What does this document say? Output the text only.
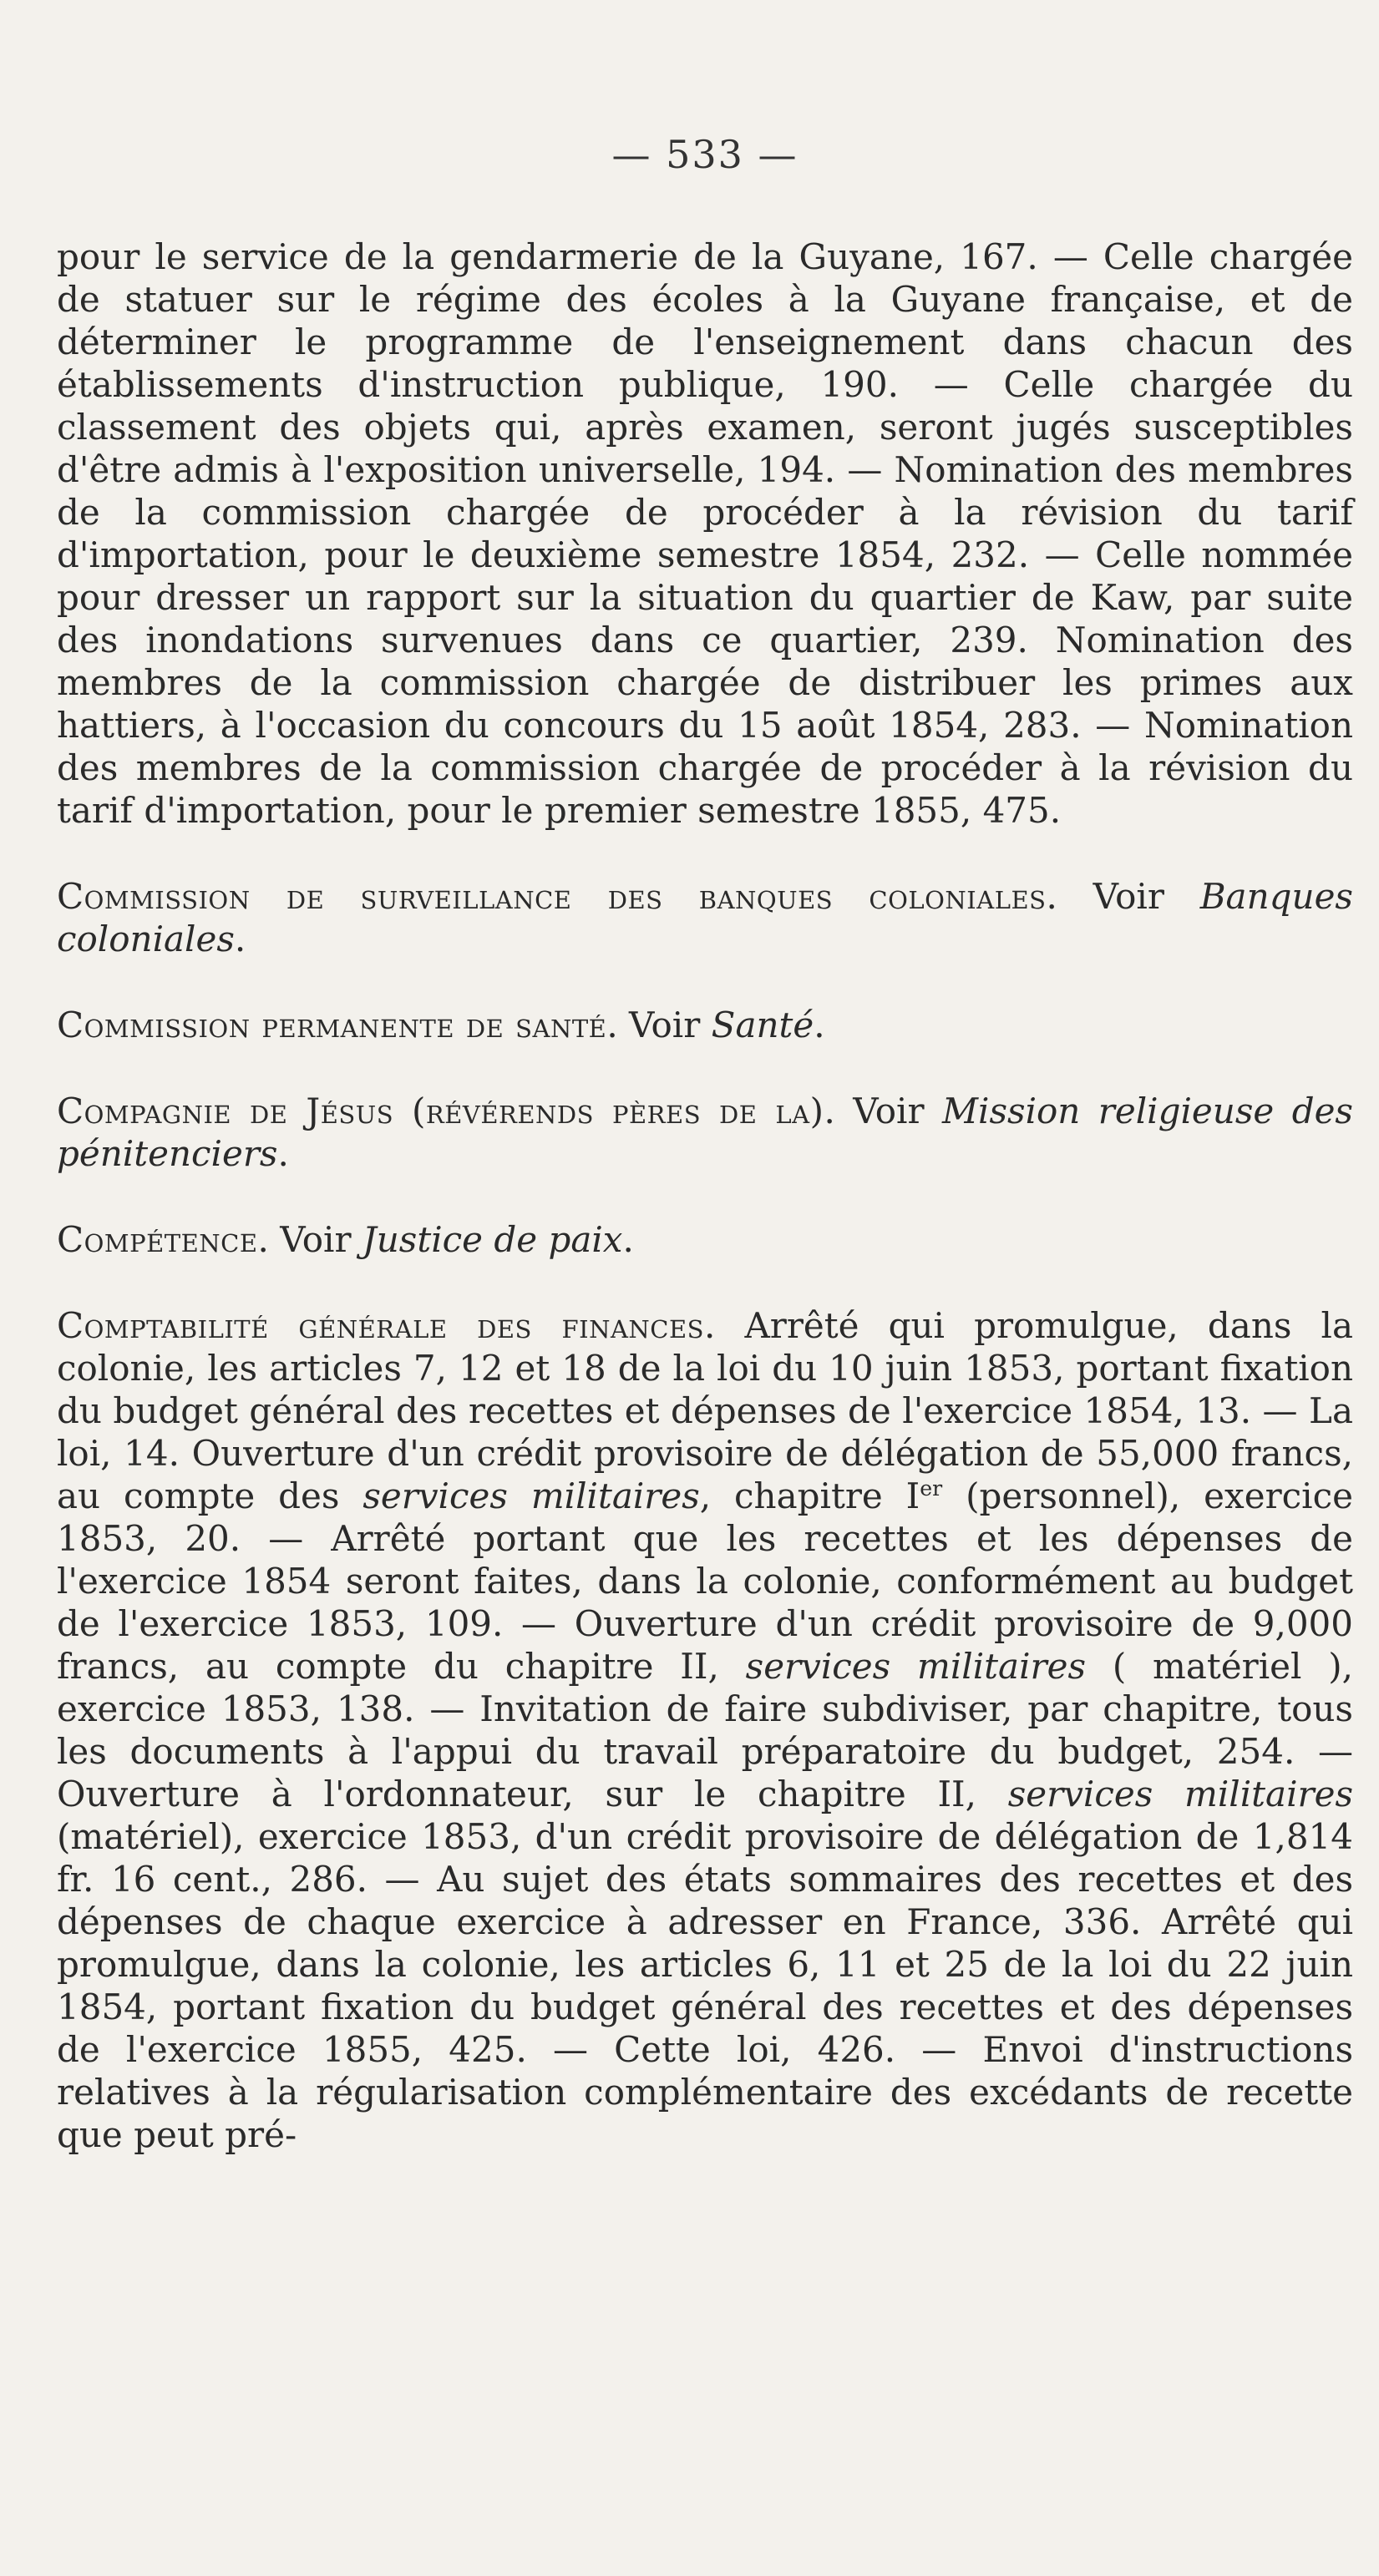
— 533 —

pour le service de la gendarmerie de la Guyane, 167. — Celle chargée de statuer sur le régime des écoles à la Guyane française, et de déterminer le programme de l'enseignement dans chacun des établissements d'instruction publique, 190. — Celle chargée du classement des objets qui, après examen, seront jugés susceptibles d'être admis à l'exposition universelle, 194. — Nomination des membres de la commission chargée de procéder à la révision du tarif d'importation, pour le deuxième semestre 1854, 232. — Celle nommée pour dresser un rapport sur la situation du quartier de Kaw, par suite des inondations survenues dans ce quartier, 239. Nomination des membres de la commission chargée de distribuer les primes aux hattiers, à l'occasion du concours du 15 août 1854, 283. — Nomination des membres de la commission chargée de procéder à la révision du tarif d'importation, pour le premier semestre 1855, 475.

Commission de surveillance des banques coloniales. Voir Banques coloniales.

Commission permanente de santé. Voir Santé.

Compagnie de Jésus (révérends pères de la). Voir Mission religieuse des pénitenciers.

Compétence. Voir Justice de paix.

Comptabilité générale des finances. Arrêté qui promulgue, dans la colonie, les articles 7, 12 et 18 de la loi du 10 juin 1853, portant fixation du budget général des recettes et dépenses de l'exercice 1854, 13. — La loi, 14. Ouverture d'un crédit provisoire de délégation de 55,000 francs, au compte des services militaires, chapitre Ier (personnel), exercice 1853, 20. — Arrêté portant que les recettes et les dépenses de l'exercice 1854 seront faites, dans la colonie, conformément au budget de l'exercice 1853, 109. — Ouverture d'un crédit provisoire de 9,000 francs, au compte du chapitre II, services militaires ( matériel ), exercice 1853, 138. — Invitation de faire subdiviser, par chapitre, tous les documents à l'appui du travail préparatoire du budget, 254. — Ouverture à l'ordonnateur, sur le chapitre II, services militaires (matériel), exercice 1853, d'un crédit provisoire de délégation de 1,814 fr. 16 cent., 286. — Au sujet des états sommaires des recettes et des dépenses de chaque exercice à adresser en France, 336. Arrêté qui promulgue, dans la colonie, les articles 6, 11 et 25 de la loi du 22 juin 1854, portant fixation du budget général des recettes et des dépenses de l'exercice 1855, 425. — Cette loi, 426. — Envoi d'instructions relatives à la régularisation complémentaire des excédants de recette que peut pré-
